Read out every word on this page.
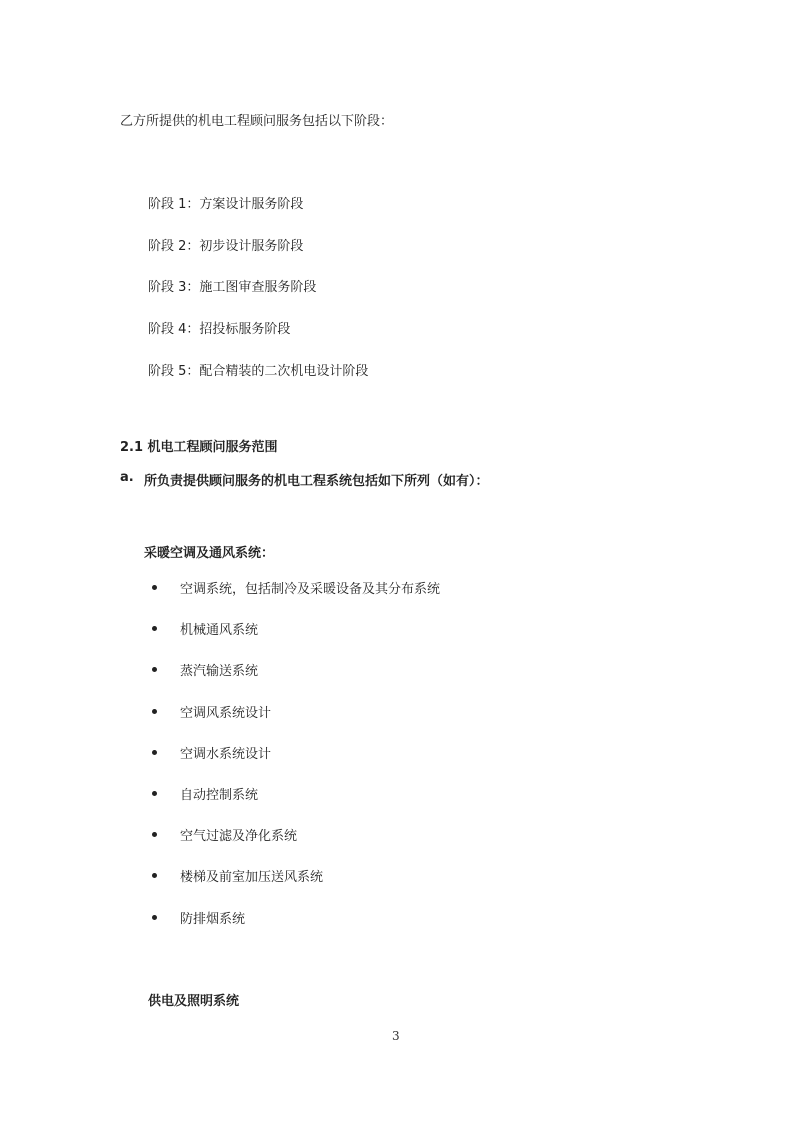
乙方所提供的机电工程顾问服务包括以下阶段：
阶段 1：方案设计服务阶段
阶段 2：初步设计服务阶段
阶段 3：施工图审查服务阶段
阶段 4：招投标服务阶段
阶段 5：配合精装的二次机电设计阶段
2.1 机电工程顾问服务范围
a. 所负责提供顾问服务的机电工程系统包括如下所列（如有）：
采暖空调及通风系统：
空调系统，包括制冷及采暖设备及其分布系统
机械通风系统
蒸汽输送系统
空调风系统设计
空调水系统设计
自动控制系统
空气过滤及净化系统
楼梯及前室加压送风系统
防排烟系统
供电及照明系统
3
